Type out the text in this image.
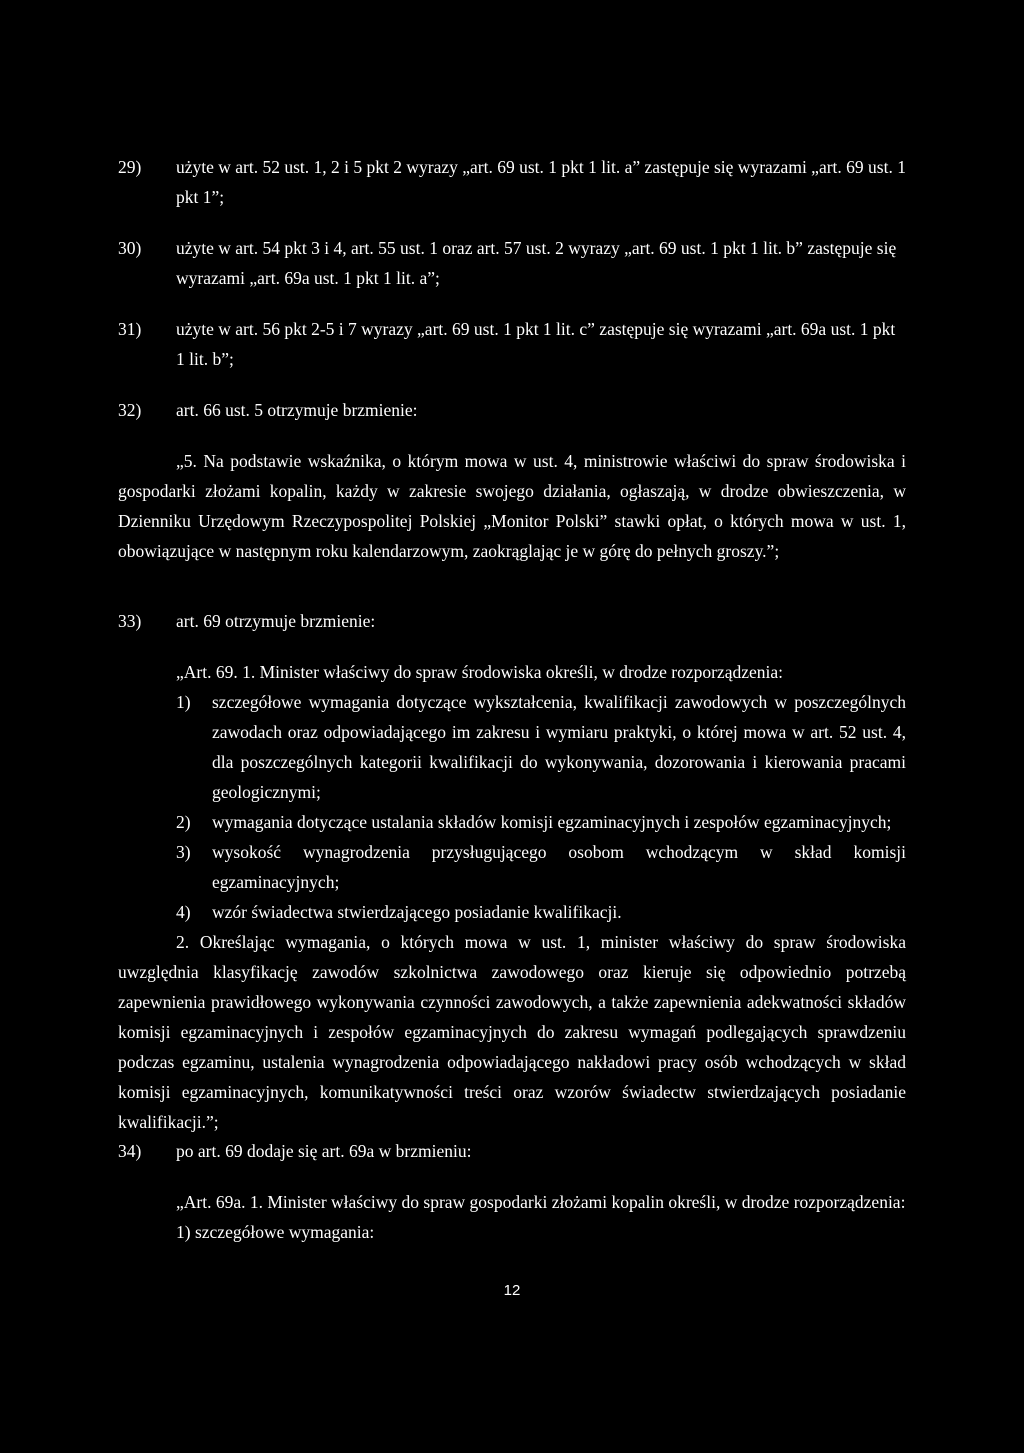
29)	użyte w art. 52 ust. 1, 2 i 5 pkt 2 wyrazy „art. 69 ust. 1 pkt 1 lit. a” zastępuje się wyrazami „art. 69 ust. 1 pkt 1”;
30)	użyte w art. 54 pkt 3 i 4, art. 55 ust. 1 oraz art. 57 ust. 2 wyrazy „art. 69 ust. 1 pkt 1 lit. b” zastępuje się wyrazami „art. 69a ust. 1 pkt 1 lit. a”;
31)	użyte w art. 56 pkt 2-5 i 7 wyrazy „art. 69 ust. 1 pkt 1 lit. c” zastępuje się wyrazami „art. 69a ust. 1 pkt 1 lit. b”;
32)	art. 66 ust. 5 otrzymuje brzmienie:

„5. Na podstawie wskaźnika, o którym mowa w ust. 4, ministrowie właściwi do spraw środowiska i gospodarki złożami kopalin, każdy w zakresie swojego działania, ogłaszają, w drodze obwieszczenia, w Dzienniku Urzędowym Rzeczypospolitej Polskiej „Monitor Polski” stawki opłat, o których mowa w ust. 1, obowiązujące w następnym roku kalendarzowym, zaokrąglając je w górę do pełnych groszy.”;

33)	art. 69 otrzymuje brzmienie:

„Art. 69. 1. Minister właściwy do spraw środowiska określi, w drodze rozporządzenia:

1) szczegółowe wymagania dotyczące wykształcenia, kwalifikacji zawodowych w poszczególnych zawodach oraz odpowiadającego im zakresu i wymiaru praktyki, o której mowa w art. 52 ust. 4, dla poszczególnych kategorii kwalifikacji do wykonywania, dozorowania i kierowania pracami geologicznymi;
2) wymagania dotyczące ustalania składów komisji egzaminacyjnych i zespołów egzaminacyjnych;
3) wysokość wynagrodzenia przysługującego osobom wchodzącym w skład komisji egzaminacyjnych;
4) wzór świadectwa stwierdzającego posiadanie kwalifikacji.

2. Określając wymagania, o których mowa w ust. 1, minister właściwy do spraw środowiska uwzględnia klasyfikację zawodów szkolnictwa zawodowego oraz kieruje się odpowiednio potrzebą zapewnienia prawidłowego wykonywania czynności zawodowych, a także zapewnienia adekwatności składów komisji egzaminacyjnych i zespołów egzaminacyjnych do zakresu wymagań podlegających sprawdzeniu podczas egzaminu, ustalenia wynagrodzenia odpowiadającego nakładowi pracy osób wchodzących w skład komisji egzaminacyjnych, komunikatywności treści oraz wzorów świadectw stwierdzających posiadanie kwalifikacji.”;

34)	po art. 69 dodaje się art. 69a w brzmieniu:

„Art. 69a. 1. Minister właściwy do spraw gospodarki złożami kopalin określi, w drodze rozporządzenia:

1) szczegółowe wymagania:

12
